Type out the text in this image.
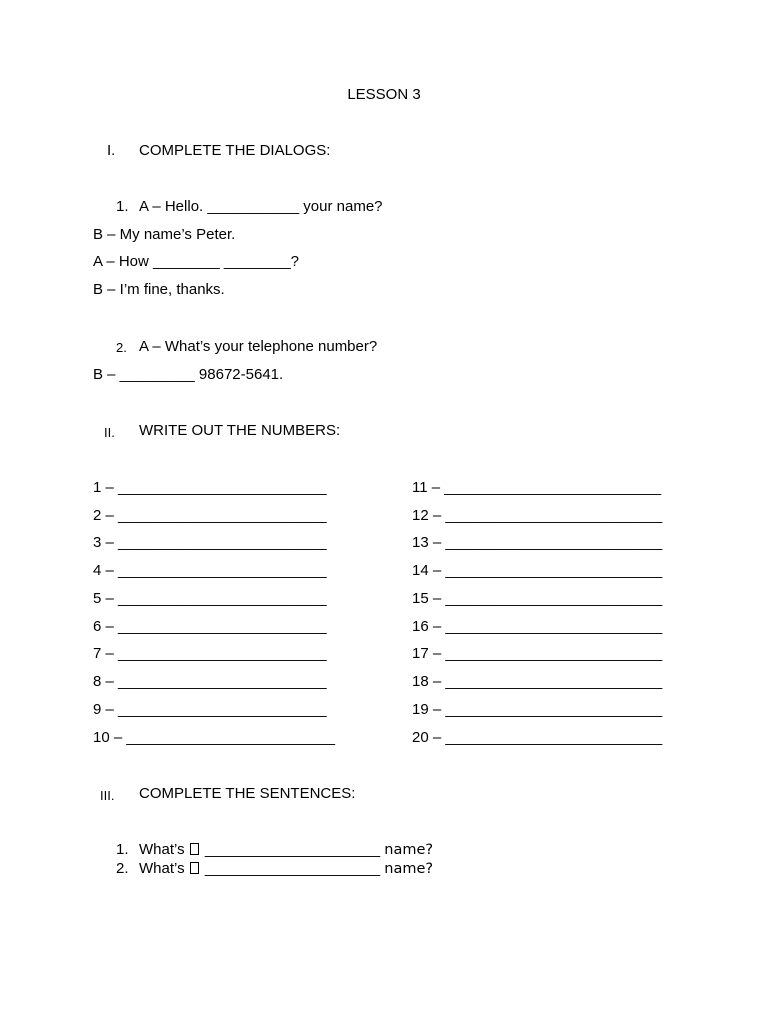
LESSON 3
I. COMPLETE THE DIALOGS:
1. A – Hello. ___________ your name?
B – My name’s Peter.
A – How ________ ________?
B – I’m fine, thanks.
2. A – What’s your telephone number?
B – _________ 98672-5641.
II. WRITE OUT THE NUMBERS:
1 – _________________________
2 – _________________________
3 – _________________________
4 – _________________________
5 – _________________________
6 – _________________________
7 – _________________________
8 – _________________________
9 – _________________________
10 – _________________________
11 – __________________________
12 – __________________________
13 – __________________________
14 – __________________________
15 – __________________________
16 – __________________________
17 – __________________________
18 – __________________________
19 – __________________________
20 – __________________________
III. COMPLETE THE SENTENCES:
1. What’s _____________________ name?
2. What’s _____________________ name?
